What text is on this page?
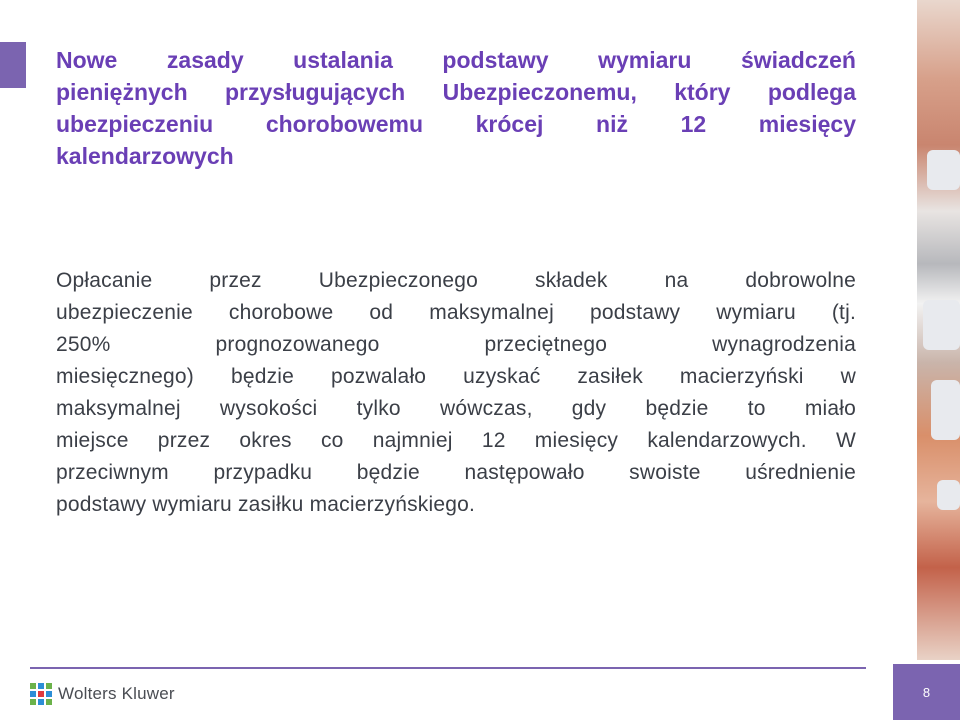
Nowe zasady ustalania podstawy wymiaru świadczeń
pieniężnych przysługujących Ubezpieczonemu, który podlega
ubezpieczeniu chorobowemu krócej niż 12 miesięcy
kalendarzowych

Opłacanie przez Ubezpieczonego składek na dobrowolne
ubezpieczenie chorobowe od maksymalnej podstawy wymiaru (tj.
250% prognozowanego przeciętnego wynagrodzenia
miesięcznego) będzie pozwalało uzyskać zasiłek macierzyński w
maksymalnej wysokości tylko wówczas, gdy będzie to miało
miejsce przez okres co najmniej 12 miesięcy kalendarzowych. W
przeciwnym przypadku będzie następowało swoiste uśrednienie
podstawy wymiaru zasiłku macierzyńskiego.

Wolters Kluwer	8
